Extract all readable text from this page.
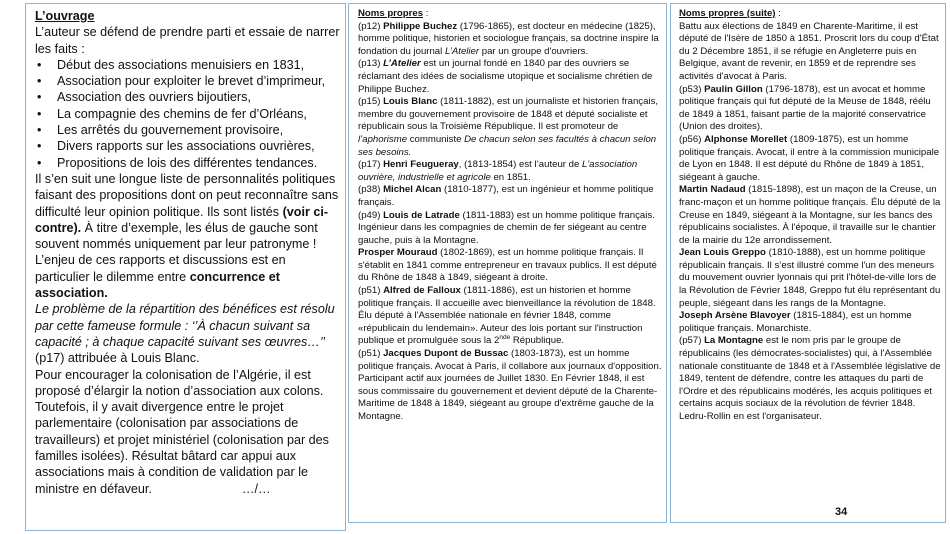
L’ouvrage

L’auteur se défend de prendre parti et essaie de narrer les faits :

• Début des associations menuisiers en 1831,
• Association pour exploiter le brevet d’imprimeur,
• Association des ouvriers bijoutiers,
• La compagnie des chemins de fer d’Orléans,
• Les arrêtés du gouvernement provisoire,
• Divers rapports sur les associations ouvrières,
• Propositions de lois des différentes tendances.

Il s’en suit une longue liste de personnalités politiques faisant des propositions dont on peut reconnaître sans difficulté leur opinion politique. Ils sont listés (voir ci-contre). À titre d’exemple, les élus de gauche sont souvent nommés uniquement par leur patronyme !

L’enjeu de ces rapports et discussions est en particulier le dilemme entre concurrence et association.

Le problème de la répartition des bénéfices est résolu par cette fameuse formule : ‘’À chacun suivant sa capacité ; à chaque capacité suivant ses œuvres…’’ (p17) attribuée à Louis Blanc.

Pour encourager la colonisation de l’Algérie, il est proposé d’élargir la notion d’association aux colons. Toutefois, il y avait divergence entre le projet parlementaire (colonisation par associations de travailleurs) et projet ministériel (colonisation par des familles isolées). Résultat bâtard car appui aux associations mais à condition de validation par le ministre en défaveur.	…/…

Noms propres :

(p12) Philippe Buchez (1796-1865), est docteur en médecine (1825), homme politique, historien et sociologue français, sa doctrine inspire la fondation du journal L’Atelier par un groupe d'ouvriers.

(p13) L’Atelier est un journal fondé en 1840 par des ouvriers se réclamant des idées de socialisme utopique et socialisme chrétien de Philippe Buchez.

(p15) Louis Blanc (1811-1882), est un journaliste et historien français, membre du gouvernement provisoire de 1848 et député socialiste et républicain sous la Troisième République. Il est promoteur de l’aphorisme communiste De chacun selon ses facultés à chacun selon ses besoins.

(p17) Henri Feugueray, (1813-1854) est l’auteur de L'association ouvrière, industrielle et agricole en 1851.

(p38) Michel Alcan (1810-1877), est un ingénieur et homme politique français.

(p49) Louis de Latrade (1811-1883) est un homme politique français. Ingénieur dans les compagnies de chemin de fer siégeant au centre gauche, puis à la Montagne.

Prosper Mouraud (1802-1869), est un homme politique français. Il s'établit en 1841 comme entrepreneur en travaux publics. Il est député du Rhône de 1848 à 1849, siégeant à droite.

(p51) Alfred de Falloux (1811-1886), est un historien et homme politique français. Il accueille avec bienveillance la révolution de 1848. Élu député à l'Assemblée nationale en février 1848, comme «républicain du lendemain». Auteur des lois portant sur l'instruction publique et promulguée sous la 2nde République.

(p51) Jacques Dupont de Bussac (1803-1873), est un homme politique français. Avocat à Paris, il collabore aux journaux d'opposition. Participant actif aux journées de Juillet 1830. En Février 1848, il est sous commissaire du gouvernement et devient député de la Charente-Maritime de 1848 à 1849, siégeant au groupe d'extrême gauche de la Montagne.

Noms propres (suite) :

Battu aux élections de 1849 en Charente-Maritime, il est député de l'Isère de 1850 à 1851. Proscrit lors du coup d'État du 2 Décembre 1851, il se réfugie en Angleterre puis en Belgique, avant de revenir, en 1859 et de reprendre ses activités d'avocat à Paris.

(p53) Paulin Gillon (1796-1878), est un avocat et homme politique français qui fut député de la Meuse de 1848, réélu de 1849 à 1851, faisant partie de la majorité conservatrice (Union des droites).

(p56) Alphonse Morellet (1809-1875), est un homme politique français. Avocat, il entre à la commission municipale de Lyon en 1848. Il est député du Rhône de 1849 à 1851, siégeant à gauche.

Martin Nadaud (1815-1898), est un maçon de la Creuse, un franc-maçon et un homme politique français. Élu député de la Creuse en 1849, siégeant à la Montagne, sur les bancs des républicains socialistes. À l'époque, il travaille sur le chantier de la mairie du 12e arrondissement.

Jean Louis Greppo (1810-1888), est un homme politique républicain français. Il s’est illustré comme l'un des meneurs du mouvement ouvrier lyonnais qui prit l'hôtel-de-ville lors de la Révolution de Février 1848, Greppo fut élu représentant du peuple, siégeant dans les rangs de la Montagne.

Joseph Arsène Blavoyer (1815-1884), est un homme politique français. Monarchiste.

(p57) La Montagne est le nom pris par le groupe de républicains (les démocrates-socialistes) qui, à l'Assemblée nationale constituante de 1848 et à l'Assemblée législative de 1849, tentent de défendre, contre les attaques du parti de l'Ordre et des républicains modérés, les acquis politiques et certains acquis sociaux de la révolution de février 1848. Ledru-Rollin en est l'organisateur.

34
